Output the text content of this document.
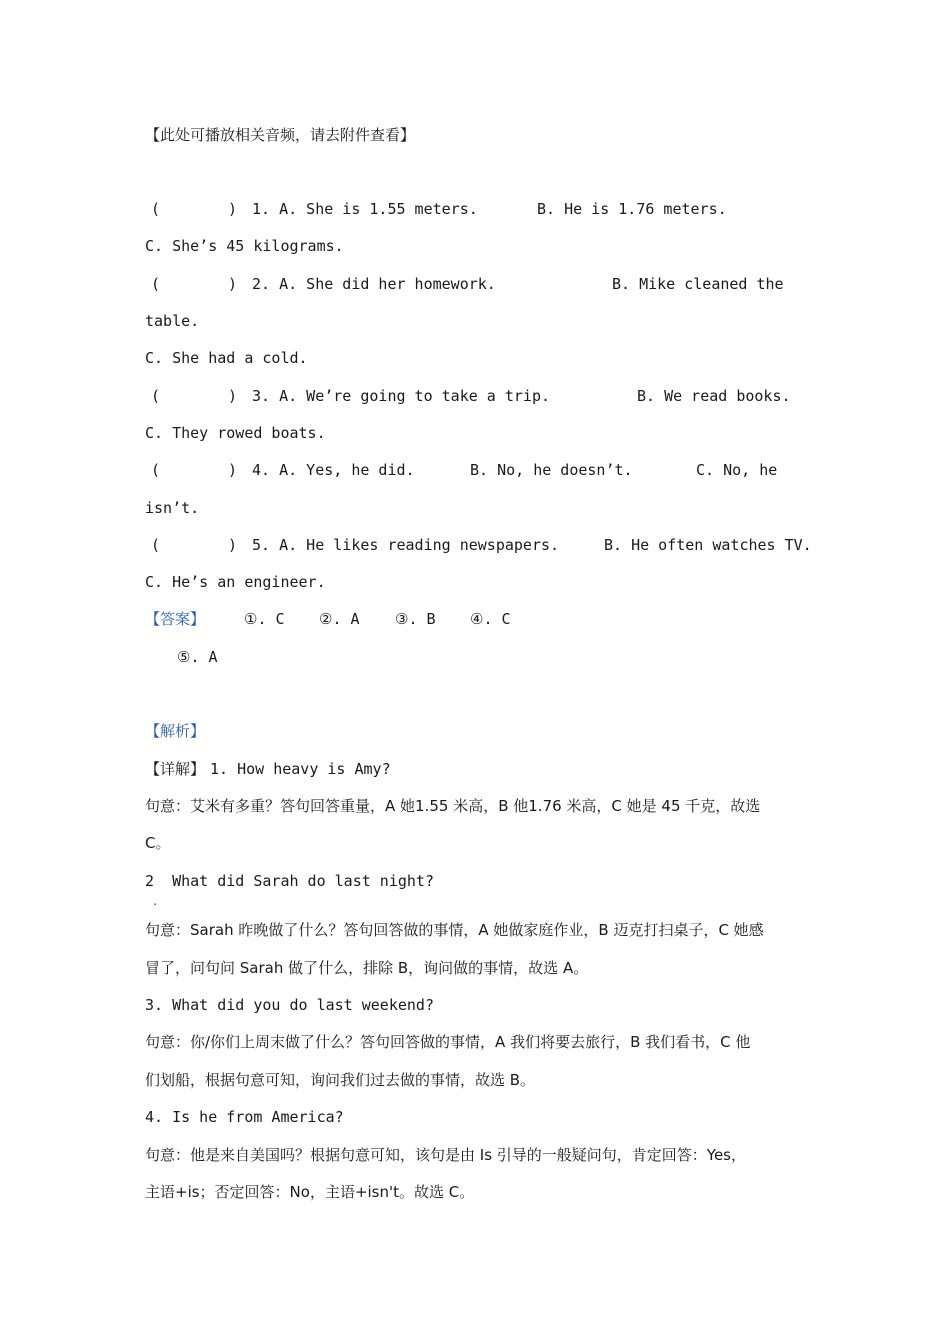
【此处可播放相关音频，请去附件查看】
(	) 1. A. She is 1.55 meters.	B. He is 1.76 meters.
C. She’s 45 kilograms.
(	) 2. A. She did her homework.	B. Mike cleaned the
table.
C. She had a cold.
(	) 3. A. We’re going to take a trip.	B. We read books.
C. They rowed boats.
(	) 4. A. Yes, he did.	B. No, he doesn’t.	C. No, he
isn’t.
(	) 5. A. He likes reading newspapers.	B. He often watches TV.
C. He’s an engineer.
【答案】	①. C ②. A ③. B ④. C
⑤. A
【解析】
【详解】 1. How heavy is Amy?
句意：艾米有多重？答句回答重量，A 她1.55 米高，B 他1.76 米高，C 她是 45 千克，故选
C。
2  What did Sarah do last night?
.
句意：Sarah 昨晚做了什么？答句回答做的事情，A 她做家庭作业，B 迈克打扫桌子，C 她感
冒了，问句问 Sarah 做了什么，排除 B，询问做的事情，故选 A。
3. What did you do last weekend?
句意：你/你们上周末做了什么？答句回答做的事情，A 我们将要去旅行，B 我们看书，C 他
们划船，根据句意可知，询问我们过去做的事情，故选 B。
4. Is he from America?
句意：他是来自美国吗？根据句意可知，该句是由 Is 引导的一般疑问句，肯定回答：Yes，
主语+is；否定回答：No，主语+isn't。故选 C。
